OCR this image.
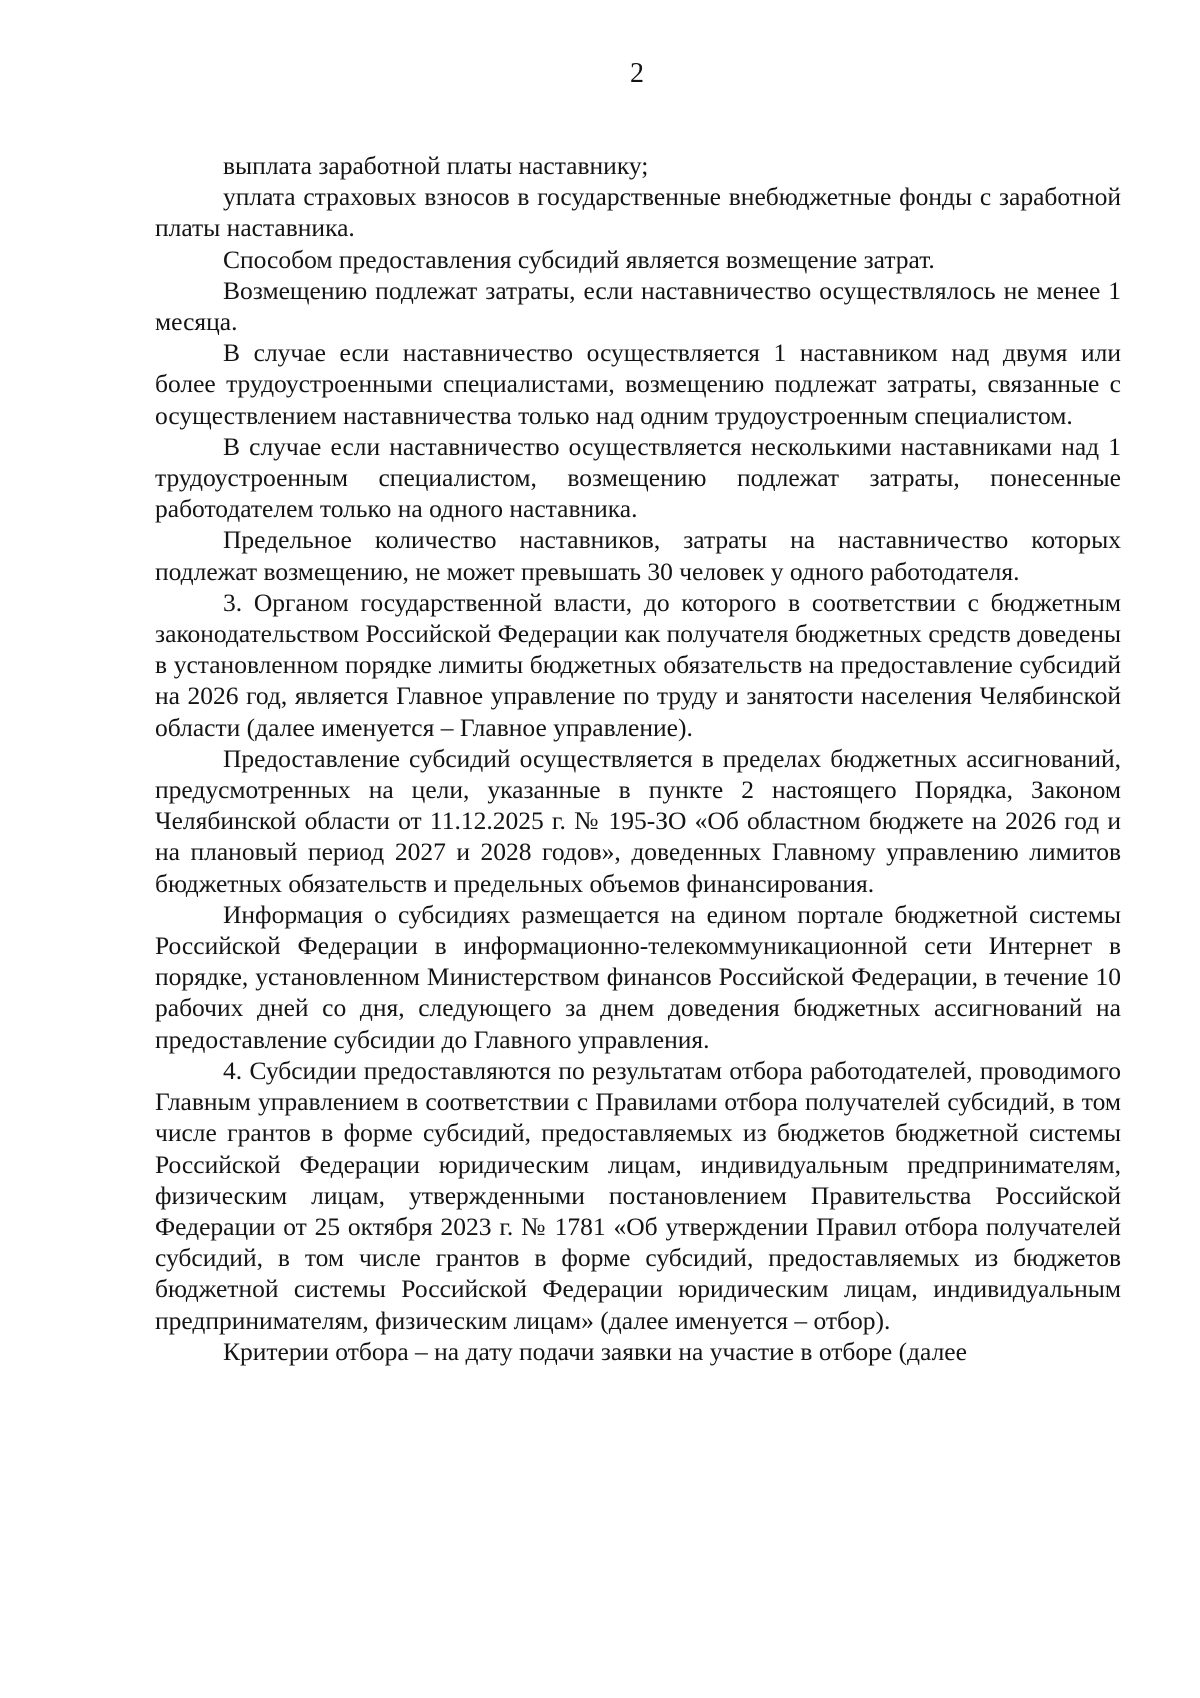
2

выплата заработной платы наставнику;

уплата страховых взносов в государственные внебюджетные фонды с заработной платы наставника.

Способом предоставления субсидий является возмещение затрат.

Возмещению подлежат затраты, если наставничество осуществлялось не менее 1 месяца.

В случае если наставничество осуществляется 1 наставником над двумя или более трудоустроенными специалистами, возмещению подлежат затраты, связанные с осуществлением наставничества только над одним трудоустроенным специалистом.

В случае если наставничество осуществляется несколькими наставниками над 1 трудоустроенным специалистом, возмещению подлежат затраты, понесенные работодателем только на одного наставника.

Предельное количество наставников, затраты на наставничество которых подлежат возмещению, не может превышать 30 человек у одного работодателя.

3. Органом государственной власти, до которого в соответствии с бюджетным законодательством Российской Федерации как получателя бюджетных средств доведены в установленном порядке лимиты бюджетных обязательств на предоставление субсидий на 2026 год, является Главное управление по труду и занятости населения Челябинской области (далее именуется – Главное управление).

Предоставление субсидий осуществляется в пределах бюджетных ассигнований, предусмотренных на цели, указанные в пункте 2 настоящего Порядка, Законом Челябинской области от 11.12.2025 г. № 195-ЗО «Об областном бюджете на 2026 год и на плановый период 2027 и 2028 годов», доведенных Главному управлению лимитов бюджетных обязательств и предельных объемов финансирования.

Информация о субсидиях размещается на едином портале бюджетной системы Российской Федерации в информационно-телекоммуникационной сети Интернет в порядке, установленном Министерством финансов Российской Федерации, в течение 10 рабочих дней со дня, следующего за днем доведения бюджетных ассигнований на предоставление субсидии до Главного управления.

4. Субсидии предоставляются по результатам отбора работодателей, проводимого Главным управлением в соответствии с Правилами отбора получателей субсидий, в том числе грантов в форме субсидий, предоставляемых из бюджетов бюджетной системы Российской Федерации юридическим лицам, индивидуальным предпринимателям, физическим лицам, утвержденными постановлением Правительства Российской Федерации от 25 октября 2023 г. № 1781 «Об утверждении Правил отбора получателей субсидий, в том числе грантов в форме субсидий, предоставляемых из бюджетов бюджетной системы Российской Федерации юридическим лицам, индивидуальным предпринимателям, физическим лицам» (далее именуется – отбор).

Критерии отбора – на дату подачи заявки на участие в отборе (далее
